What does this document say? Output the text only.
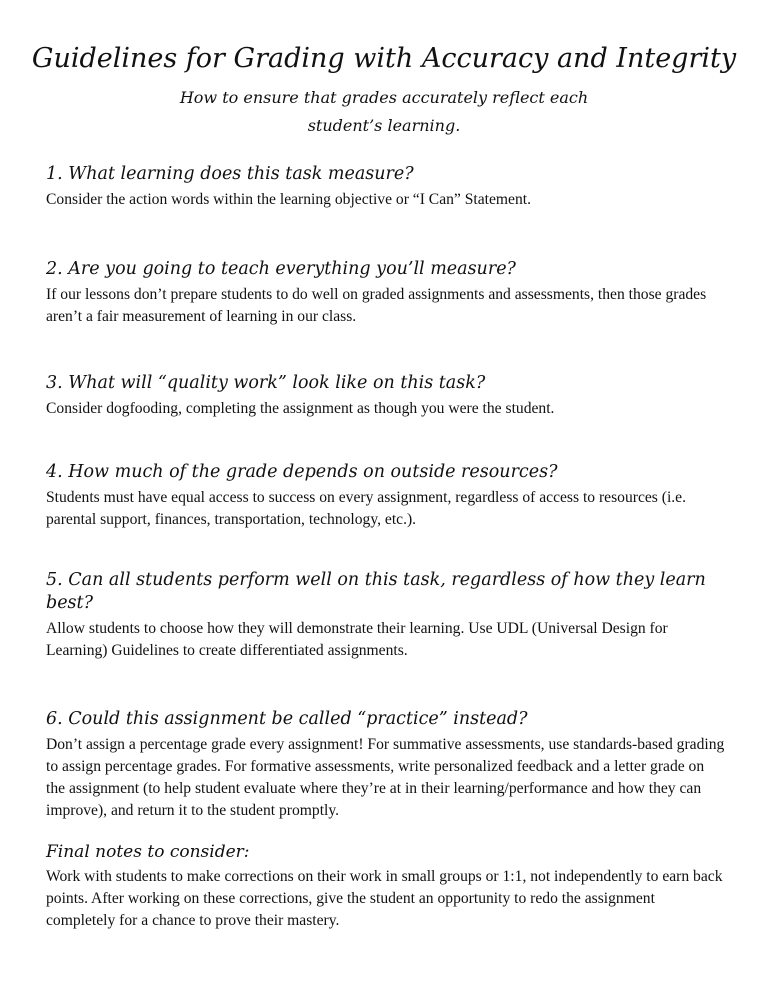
Guidelines for Grading with Accuracy and Integrity

How to ensure that grades accurately reflect each student’s learning.

1. What learning does this task measure?

Consider the action words within the learning objective or “I Can” Statement.

2. Are you going to teach everything you’ll measure?

If our lessons don’t prepare students to do well on graded assignments and assessments, then those grades aren’t a fair measurement of learning in our class.

3. What will “quality work” look like on this task?

Consider dogfooding, completing the assignment as though you were the student.

4. How much of the grade depends on outside resources?

Students must have equal access to success on every assignment, regardless of access to resources (i.e. parental support, finances, transportation, technology, etc.).

5. Can all students perform well on this task, regardless of how they learn best?

Allow students to choose how they will demonstrate their learning. Use UDL (Universal Design for Learning) Guidelines to create differentiated assignments.

6. Could this assignment be called “practice” instead?

Don’t assign a percentage grade every assignment! For summative assessments, use standards-based grading to assign percentage grades. For formative assessments, write personalized feedback and a letter grade on the assignment (to help student evaluate where they’re at in their learning/performance and how they can improve), and return it to the student promptly.

Final notes to consider:

Work with students to make corrections on their work in small groups or 1:1, not independently to earn back points. After working on these corrections, give the student an opportunity to redo the assignment completely for a chance to prove their mastery.
